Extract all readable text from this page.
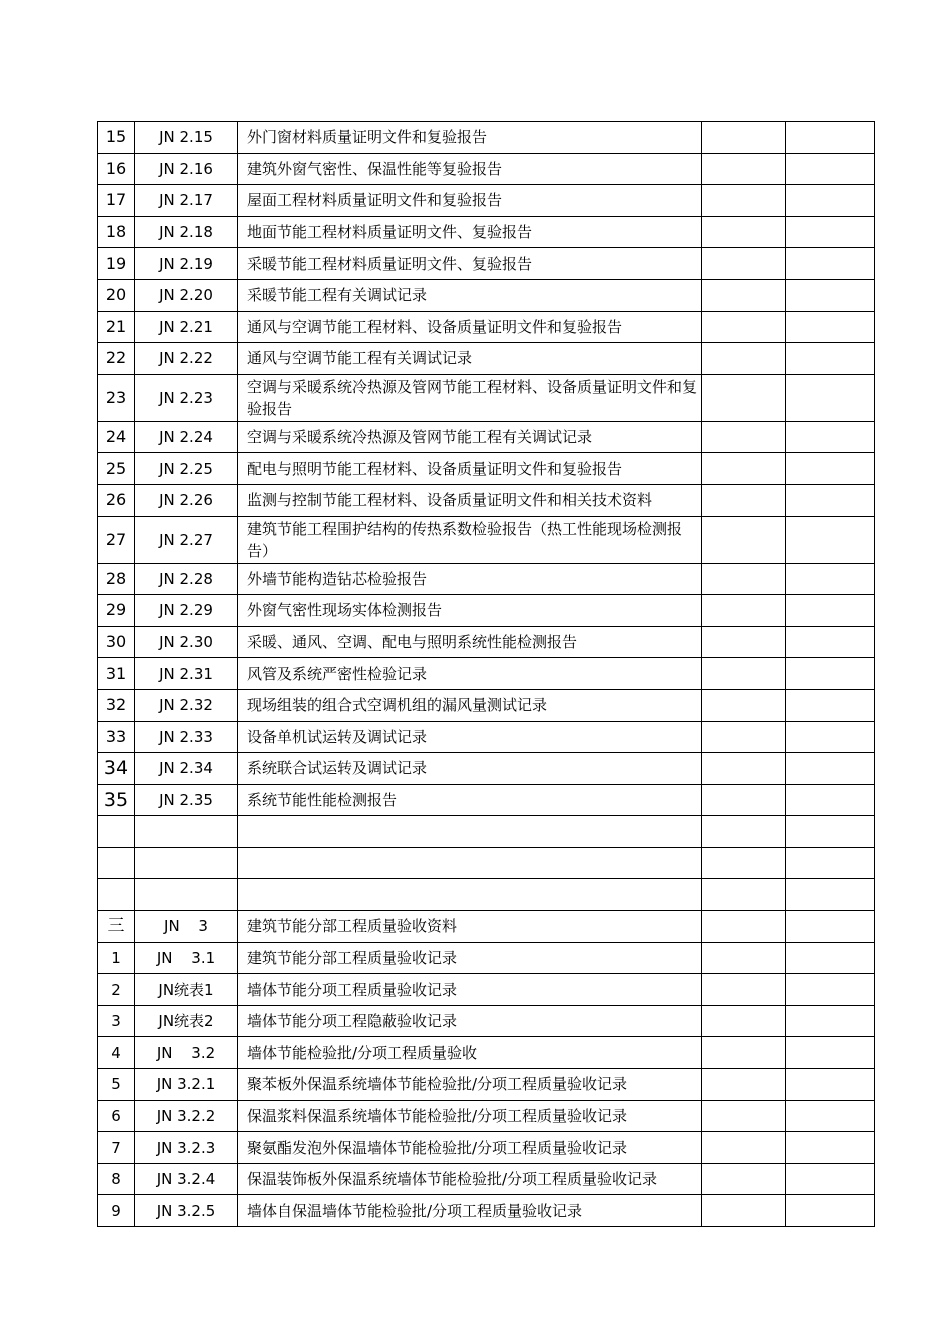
15	JN 2.15	外门窗材料质量证明文件和复验报告		
16	JN 2.16	建筑外窗气密性、保温性能等复验报告		
17	JN 2.17	屋面工程材料质量证明文件和复验报告		
18	JN 2.18	地面节能工程材料质量证明文件、复验报告		
19	JN 2.19	采暖节能工程材料质量证明文件、复验报告		
20	JN 2.20	采暖节能工程有关调试记录		
21	JN 2.21	通风与空调节能工程材料、设备质量证明文件和复验报告		
22	JN 2.22	通风与空调节能工程有关调试记录		
23	JN 2.23	空调与采暖系统冷热源及管网节能工程材料、设备质量证明文件和复验报告		
24	JN 2.24	空调与采暖系统冷热源及管网节能工程有关调试记录		
25	JN 2.25	配电与照明节能工程材料、设备质量证明文件和复验报告		
26	JN 2.26	监测与控制节能工程材料、设备质量证明文件和相关技术资料		
27	JN 2.27	建筑节能工程围护结构的传热系数检验报告（热工性能现场检测报告）		
28	JN 2.28	外墙节能构造钻芯检验报告		
29	JN 2.29	外窗气密性现场实体检测报告		
30	JN 2.30	采暖、通风、空调、配电与照明系统性能检测报告		
31	JN 2.31	风管及系统严密性检验记录		
32	JN 2.32	现场组装的组合式空调机组的漏风量测试记录		
33	JN 2.33	设备单机试运转及调试记录		
34	JN 2.34	系统联合试运转及调试记录		
35	JN 2.35	系统节能性能检测报告		

三	JN 3	建筑节能分部工程质量验收资料		
1	JN 3.1	建筑节能分部工程质量验收记录		
2	JN统表1	墙体节能分项工程质量验收记录		
3	JN统表2	墙体节能分项工程隐蔽验收记录		
4	JN 3.2	墙体节能检验批/分项工程质量验收		
5	JN 3.2.1	聚苯板外保温系统墙体节能检验批/分项工程质量验收记录		
6	JN 3.2.2	保温浆料保温系统墙体节能检验批/分项工程质量验收记录		
7	JN 3.2.3	聚氨酯发泡外保温墙体节能检验批/分项工程质量验收记录		
8	JN 3.2.4	保温装饰板外保温系统墙体节能检验批/分项工程质量验收记录		
9	JN 3.2.5	墙体自保温墙体节能检验批/分项工程质量验收记录		
